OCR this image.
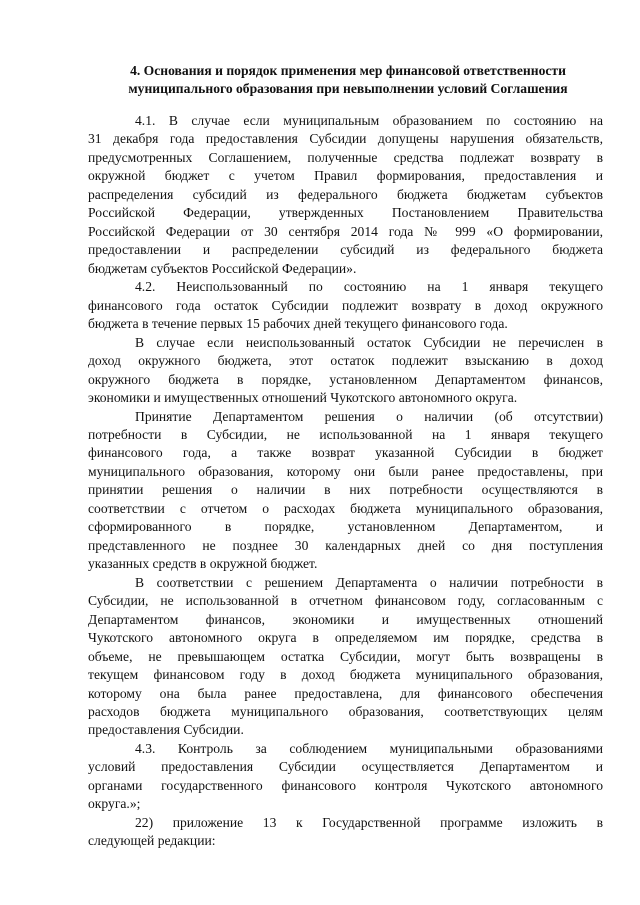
4. Основания и порядок применения мер финансовой ответственности
муниципального образования при невыполнении условий Соглашения
4.1. В случае если муниципальным образованием по состоянию на
31 декабря года предоставления Субсидии допущены нарушения обязательств,
предусмотренных Соглашением, полученные средства подлежат возврату в
окружной бюджет с учетом Правил формирования, предоставления и
распределения субсидий из федерального бюджета бюджетам субъектов
Российской Федерации, утвержденных Постановлением Правительства
Российской Федерации от 30 сентября 2014 года № 999 «О формировании,
предоставлении и распределении субсидий из федерального бюджета
бюджетам субъектов Российской Федерации».
4.2. Неиспользованный по состоянию на 1 января текущего
финансового года остаток Субсидии подлежит возврату в доход окружного
бюджета в течение первых 15 рабочих дней текущего финансового года.
В случае если неиспользованный остаток Субсидии не перечислен в
доход окружного бюджета, этот остаток подлежит взысканию в доход
окружного бюджета в порядке, установленном Департаментом финансов,
экономики и имущественных отношений Чукотского автономного округа.
Принятие Департаментом решения о наличии (об отсутствии)
потребности в Субсидии, не использованной на 1 января текущего
финансового года, а также возврат указанной Субсидии в бюджет
муниципального образования, которому они были ранее предоставлены, при
принятии решения о наличии в них потребности осуществляются в
соответствии с отчетом о расходах бюджета муниципального образования,
сформированного в порядке, установленном Департаментом, и
представленного не позднее 30 календарных дней со дня поступления
указанных средств в окружной бюджет.
В соответствии с решением Департамента о наличии потребности в
Субсидии, не использованной в отчетном финансовом году, согласованным с
Департаментом финансов, экономики и имущественных отношений
Чукотского автономного округа в определяемом им порядке, средства в
объеме, не превышающем остатка Субсидии, могут быть возвращены в
текущем финансовом году в доход бюджета муниципального образования,
которому она была ранее предоставлена, для финансового обеспечения
расходов бюджета муниципального образования, соответствующих целям
предоставления Субсидии.
4.3. Контроль за соблюдением муниципальными образованиями
условий предоставления Субсидии осуществляется Департаментом и
органами государственного финансового контроля Чукотского автономного
округа.»;
22) приложение 13 к Государственной программе изложить в
следующей редакции:
